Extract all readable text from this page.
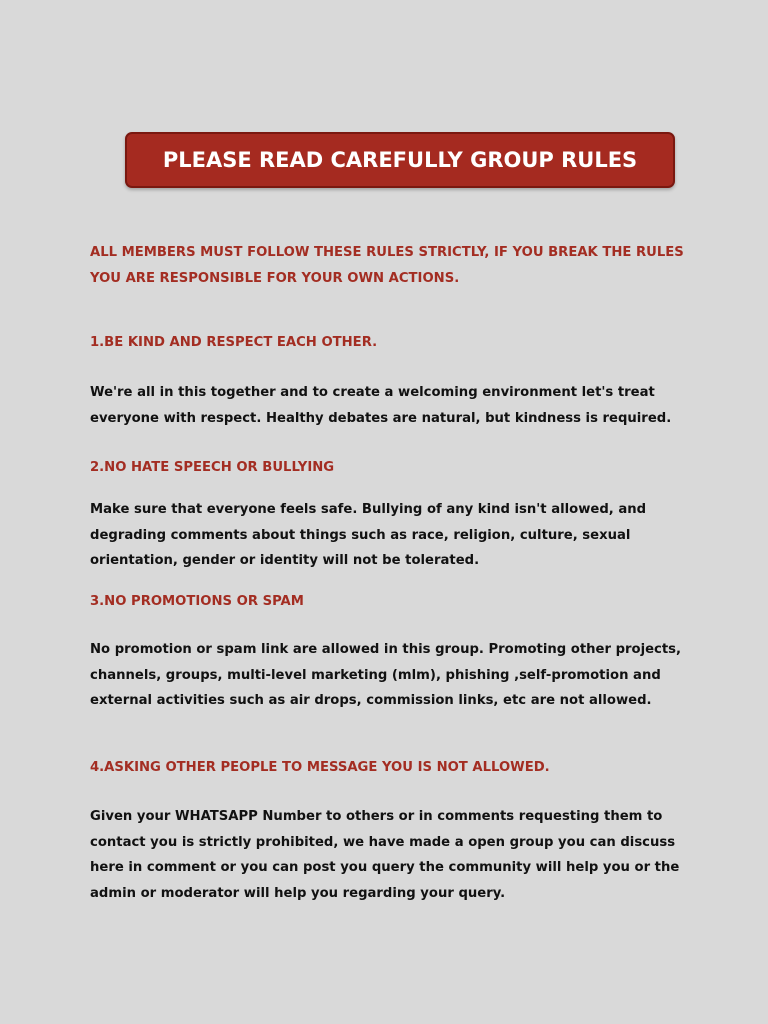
PLEASE READ CAREFULLY GROUP RULES

ALL MEMBERS MUST FOLLOW THESE RULES STRICTLY, IF YOU BREAK THE RULES YOU ARE RESPONSIBLE FOR YOUR OWN ACTIONS.

1.BE KIND AND RESPECT EACH OTHER.

We're all in this together and to create a welcoming environment let's treat everyone with respect. Healthy debates are natural, but kindness is required.

2.NO HATE SPEECH OR BULLYING

Make sure that everyone feels safe. Bullying of any kind isn't allowed, and degrading comments about things such as race, religion, culture, sexual orientation, gender or identity will not be tolerated.

3.NO PROMOTIONS OR SPAM

No promotion or spam link are allowed in this group. Promoting other projects, channels, groups, multi-level marketing (mlm), phishing ,self-promotion and external activities such as air drops, commission links, etc are not allowed.

4.ASKING OTHER PEOPLE TO MESSAGE YOU IS NOT ALLOWED.

Given your WHATSAPP Number to others or in comments requesting them to contact you is strictly prohibited, we have made a open group you can discuss here in comment or you can post you query the community will help you or the admin or moderator will help you regarding your query.
